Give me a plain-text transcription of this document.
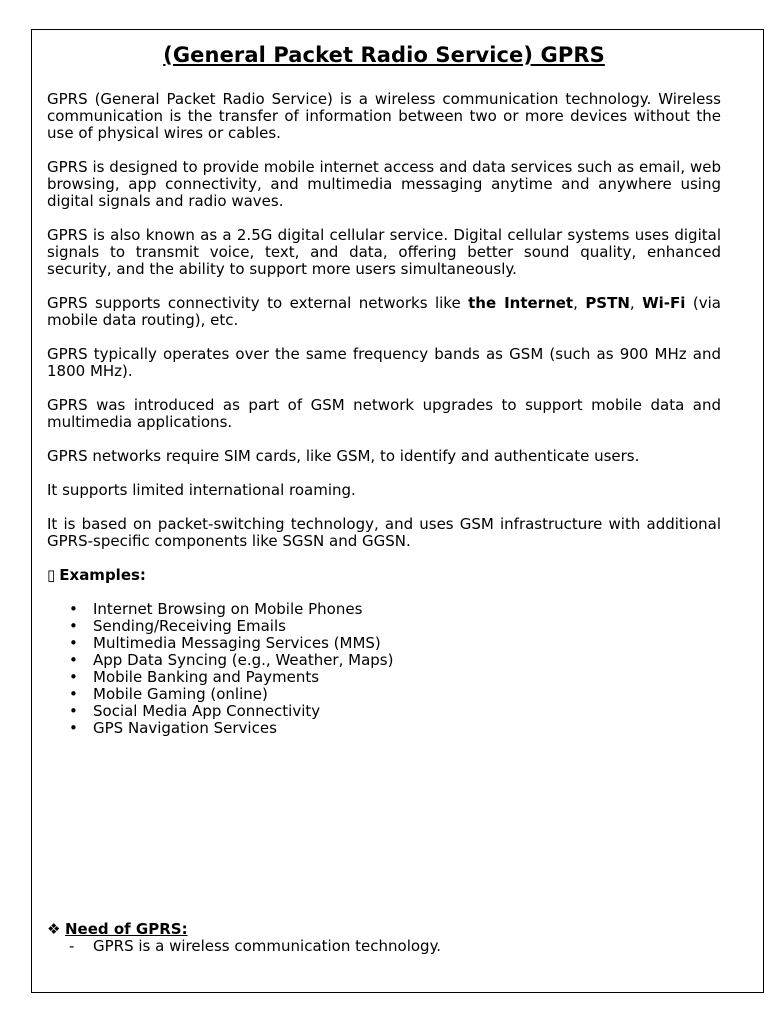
(General Packet Radio Service) GPRS

GPRS (General Packet Radio Service) is a wireless communication technology. Wireless communication is the transfer of information between two or more devices without the use of physical wires or cables.

GPRS is designed to provide mobile internet access and data services such as email, web browsing, app connectivity, and multimedia messaging anytime and anywhere using digital signals and radio waves.

GPRS is also known as a 2.5G digital cellular service. Digital cellular systems uses digital signals to transmit voice, text, and data, offering better sound quality, enhanced security, and the ability to support more users simultaneously.

GPRS supports connectivity to external networks like the Internet, PSTN, Wi-Fi (via mobile data routing), etc.

GPRS typically operates over the same frequency bands as GSM (such as 900 MHz and 1800 MHz).

GPRS was introduced as part of GSM network upgrades to support mobile data and multimedia applications.

GPRS networks require SIM cards, like GSM, to identify and authenticate users.

It supports limited international roaming.

It is based on packet-switching technology, and uses GSM infrastructure with additional GPRS-specific components like SGSN and GGSN.

▯ Examples:
• Internet Browsing on Mobile Phones
• Sending/Receiving Emails
• Multimedia Messaging Services (MMS)
• App Data Syncing (e.g., Weather, Maps)
• Mobile Banking and Payments
• Mobile Gaming (online)
• Social Media App Connectivity
• GPS Navigation Services
❖ Need of GPRS:
- GPRS is a wireless communication technology.
